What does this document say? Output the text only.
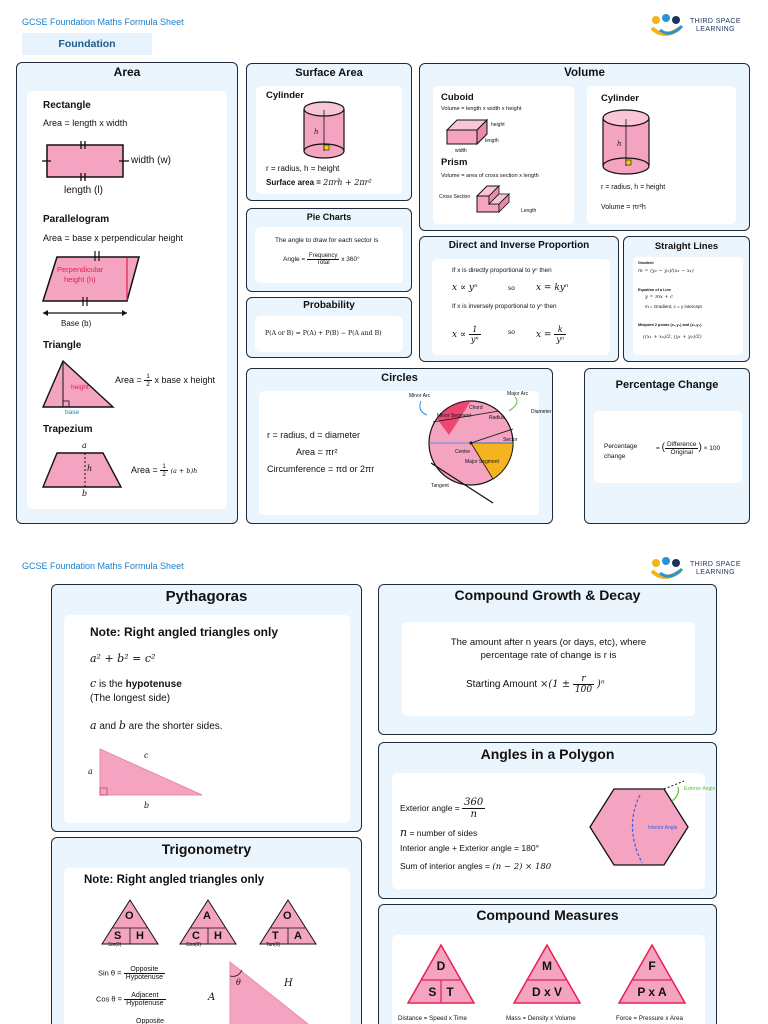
GCSE Foundation Maths Formula Sheet
Foundation
THIRD SPACE
LEARNING
Area
Rectangle
Area = length x width
width (w)
length (l)
Parallelogram
Area = base x perpendicular height
Perpendicular
height (h)
Base (b)
Triangle
height
base
Area = $\frac{1}{2}$ x base x height
Trapezium
a
h
b
Area = $\frac{1}{2} (a + b)h$
Surface Area
Cylinder
h
r = radius, h = height
Surface area = 2πrh + 2πr²
Pie Charts
The angle to draw for each sector is
Angle = $\frac{\text{Frequency}}{\text{Total}}$ x 360°
Probability
P(A or B) = P(A) + P(B) − P(A and B)
Volume
Cuboid
Volume = length x width x height
height
length
width
Prism
Volume = area of cross section x length
Cross Section
Length
Cylinder
h
r = radius, h = height
Volume = πr²h
Direct and Inverse Proportion
If x is directly proportional to yⁿ then
x ∝ yⁿ	so x = kyⁿ
If x is inversely proportional to yⁿ then
$x \propto \frac{1}{\text{yⁿ}}$	so $x = \frac{k}{\text{yⁿ}}$
Straight Lines
Gradient
m = (y₂ − y₁)/(x₂ − x₁)
Equation of a Line
y = mx + c
m = Gradient, c = y intercept
Midpoint 2 points (x₁,y₁) and (x₂,y₂)
((x₁ + x₂)/2, (y₁ + y₂)/2)
Circles
r = radius, d = diameter
Area = πr²
Circumference = πd or 2πr
Minor Arc	Major Arc
Chord
Radius
Diameter
Minor Segment
Sector
Centre
Major Segment
Tangent
Percentage Change
Percentage
change
= ( $\frac{\text{Difference}}{\text{Original}}$ ) × 100
GCSE Foundation Maths Formula Sheet	THIRD SPACE
LEARNING
Pythagoras
Note: Right angled triangles only
a² + b² = c²
c is the hypotenuse
(The longest side)
a and b are the shorter sides.
a
c
b
Compound Growth & Decay
The amount after n years (or days, etc), where
percentage rate of change is r is
Starting Amount $\times(1 \pm \frac{r}{100} )^n$
Angles in a Polygon
Exterior angle = $\frac{360}{n}$
n = number of sides
Interior angle + Exterior angle = 180°
Sum of interior angles = (n − 2) × 180
Exterior Angle
Interior Angle
Trigonometry
Note: Right angled triangles only
O
S H
Sin(θ)
A
C H
Cos(θ)
O
T A
Tan(θ)
Sin $\theta = \frac{\text{Opposite}}{\text{Hypotenuse}}$
Cos $\theta = \frac{\text{Adjacent}}{\text{Hypotenuse}}$
Opposite
θ	H
A
Compound Measures
D
S   T
Distance = Speed x Time
M
D x V
Mass = Density x Volume
F
P x A
Force = Pressure x Area
